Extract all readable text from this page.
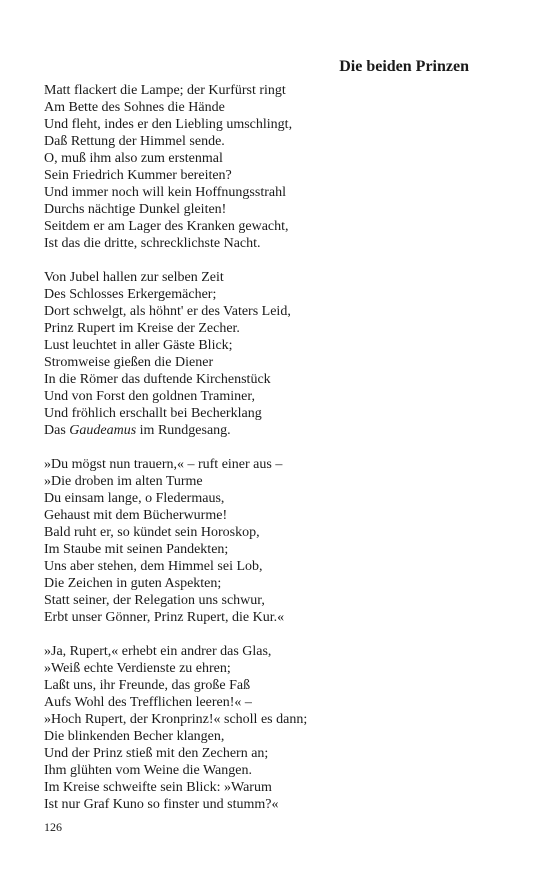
Die beiden Prinzen
Matt flackert die Lampe; der Kurfürst ringt
Am Bette des Sohnes die Hände
Und fleht, indes er den Liebling umschlingt,
Daß Rettung der Himmel sende.
O, muß ihm also zum erstenmal
Sein Friedrich Kummer bereiten?
Und immer noch will kein Hoffnungsstrahl
Durchs nächtige Dunkel gleiten!
Seitdem er am Lager des Kranken gewacht,
Ist das die dritte, schrecklichste Nacht.
Von Jubel hallen zur selben Zeit
Des Schlosses Erkergemächer;
Dort schwelgt, als höhnt' er des Vaters Leid,
Prinz Rupert im Kreise der Zecher.
Lust leuchtet in aller Gäste Blick;
Stromweise gießen die Diener
In die Römer das duftende Kirchenstück
Und von Forst den goldnen Traminer,
Und fröhlich erschallt bei Becherklang
Das Gaudeamus im Rundgesang.
»Du mögst nun trauern,« – ruft einer aus –
»Die droben im alten Turme
Du einsam lange, o Fledermaus,
Gehaust mit dem Bücherwurme!
Bald ruht er, so kündet sein Horoskop,
Im Staube mit seinen Pandekten;
Uns aber stehen, dem Himmel sei Lob,
Die Zeichen in guten Aspekten;
Statt seiner, der Relegation uns schwur,
Erbt unser Gönner, Prinz Rupert, die Kur.«
»Ja, Rupert,« erhebt ein andrer das Glas,
»Weiß echte Verdienste zu ehren;
Laßt uns, ihr Freunde, das große Faß
Aufs Wohl des Trefflichen leeren!« –
»Hoch Rupert, der Kronprinz!« scholl es dann;
Die blinkenden Becher klangen,
Und der Prinz stieß mit den Zechern an;
Ihm glühten vom Weine die Wangen.
Im Kreise schweifte sein Blick: »Warum
Ist nur Graf Kuno so finster und stumm?«
126
